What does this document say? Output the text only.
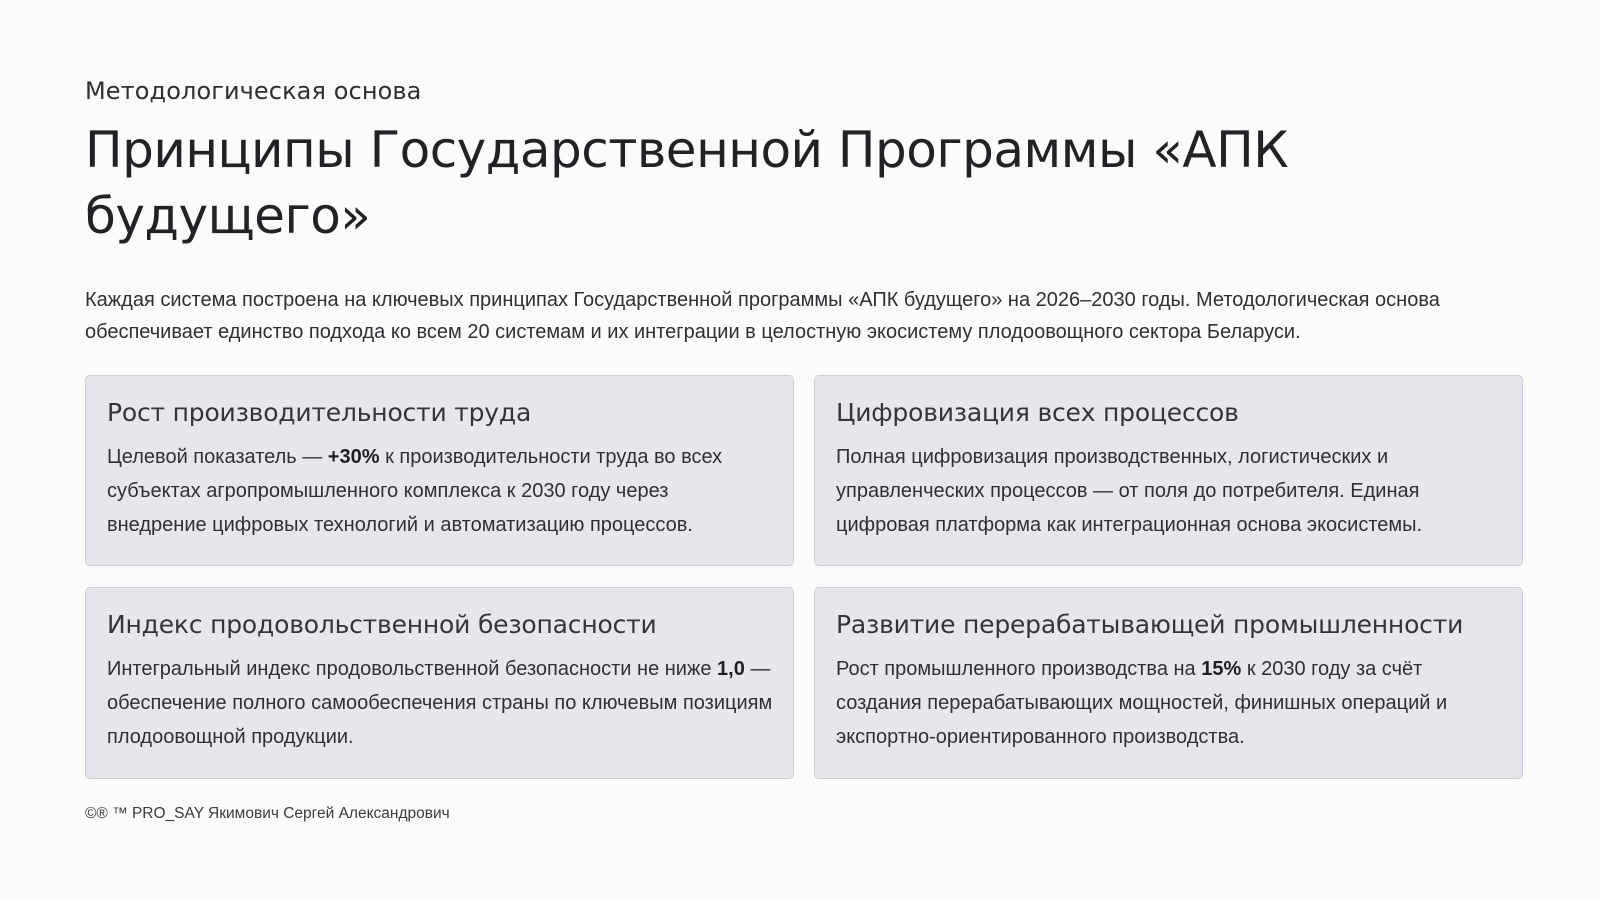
Методологическая основа
Принципы Государственной Программы «АПК будущего»

Каждая система построена на ключевых принципах Государственной программы «АПК будущего» на 2026–2030 годы. Методологическая основа обеспечивает единство подхода ко всем 20 системам и их интеграции в целостную экосистему плодоовощного сектора Беларуси.

Рост производительности труда

Целевой показатель — +30% к производительности труда во всех субъектах агропромышленного комплекса к 2030 году через внедрение цифровых технологий и автоматизацию процессов.

Цифровизация всех процессов

Полная цифровизация производственных, логистических и управленческих процессов — от поля до потребителя. Единая цифровая платформа как интеграционная основа экосистемы.

Индекс продовольственной безопасности

Интегральный индекс продовольственной безопасности не ниже 1,0 — обеспечение полного самообеспечения страны по ключевым позициям плодоовощной продукции.

Развитие перерабатывающей промышленности

Рост промышленного производства на 15% к 2030 году за счёт создания перерабатывающих мощностей, финишных операций и экспортно-ориентированного производства.

©® ™ PRO_SAY Якимович Сергей Александрович
